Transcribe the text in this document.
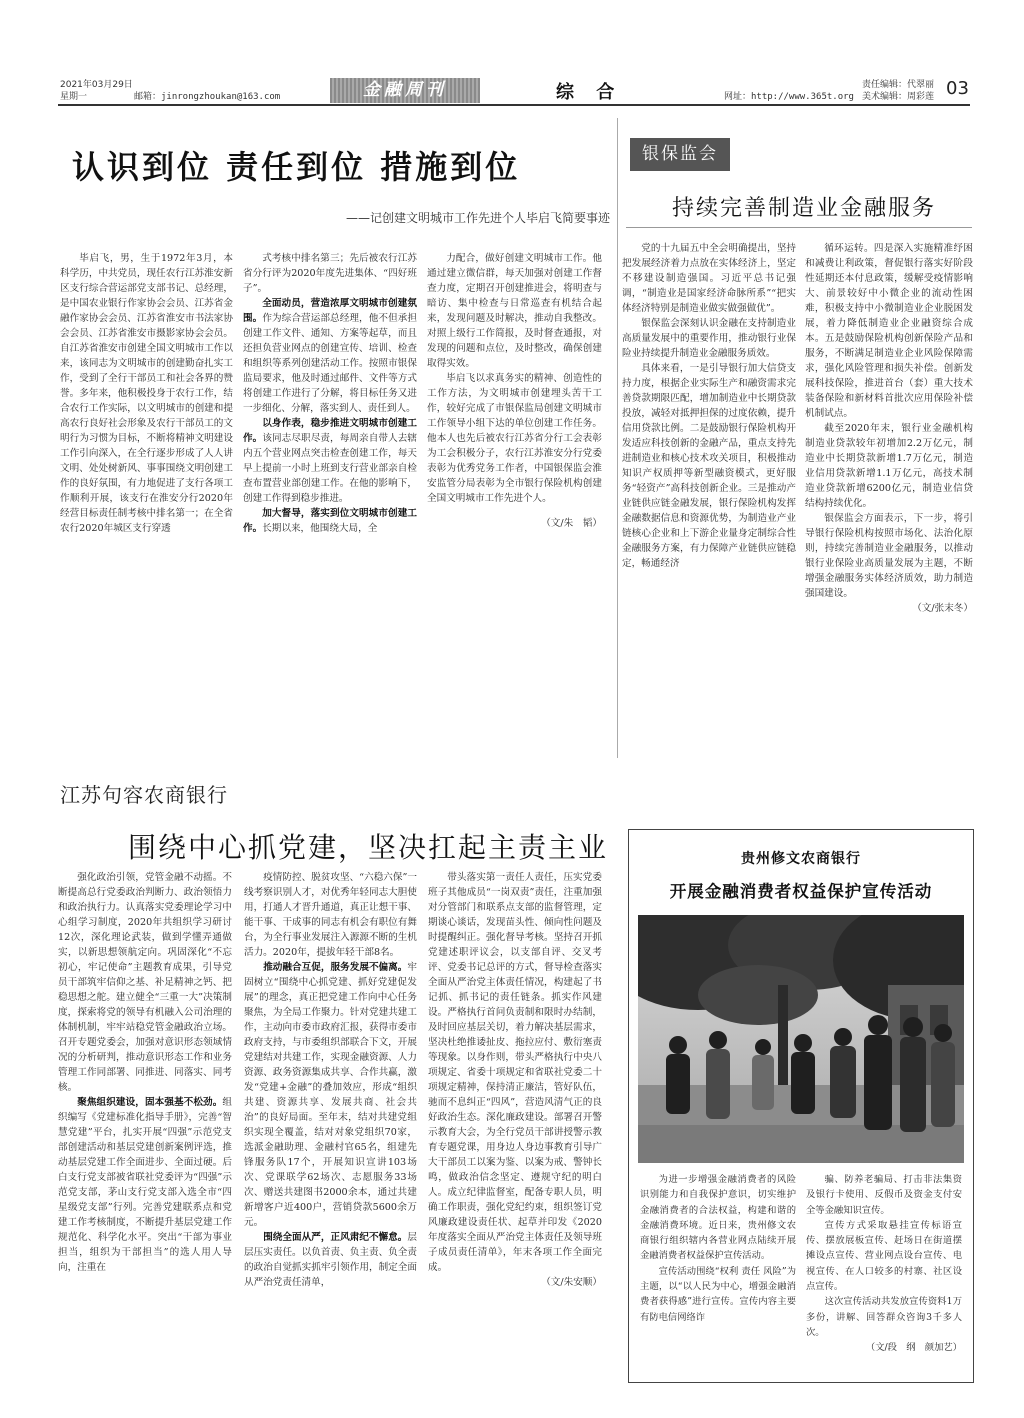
2021年03月29日
星期一	邮箱：jinrongzhoukan@163.com	金融周刊	综 合	网址：http://www.365t.org
责任编辑：代翠丽
美术编辑：周彩莲 03
认识到位 责任到位 措施到位
——记创建文明城市工作先进个人毕启飞简要事迹

毕启飞，男，生于1972年3月，本科学历，中共党员，现任农行江苏淮安新区支行综合营运部党支部书记、总经理，是中国农业银行作家协会会员、江苏省金融作家协会会员、江苏省淮安市书法家协会会员、江苏省淮安市摄影家协会会员。自江苏省淮安市创建全国文明城市工作以来，该同志为文明城市的创建勤奋扎实工作，受到了全行干部员工和社会各界的赞誉。多年来，他积极投身于农行工作，结合农行工作实际，以文明城市的创建和提高农行良好社会形象及农行干部员工的文明行为习惯为目标，不断将精神文明建设工作引向深入，在全行逐步形成了人人讲文明、处处树新风、事事围绕文明创建工作的良好氛围，有力地促进了支行各项工作顺利开展，该支行在淮安分行2020年经营目标责任制考核中排名第一；在全省农行2020年城区支行穿透

式考核中排名第三；先后被农行江苏省分行评为2020年度先进集体、“四好班子”。

全面动员，营造浓厚文明城市创建氛围。作为综合营运部总经理，他不但承担创建工作文件、通知、方案等起草，而且还担负营业网点的创建宣传、培训、检查和组织等系列创建活动工作。按照市银保监局要求，他及时通过邮件、文件等方式将创建工作进行了分解，将目标任务又进一步细化、分解，落实到人、责任到人。

以身作表，稳步推进文明城市创建工作。该同志尽职尽责，每周亲自带人去辖内五个营业网点突击检查创建工作，每天早上提前一小时上班到支行营业部亲自检查布置营业部创建工作。在他的影响下，创建工作得到稳步推进。

加大督导，落实到位文明城市创建工作。长期以来，他围绕大局，全

力配合，做好创建文明城市工作。他通过建立微信群，每天加强对创建工作督查力度，定期召开创建推进会，将明查与暗访、集中检查与日常巡查有机结合起来，发现问题及时解决，推动自我整改。对照上级行工作简报，及时督查通报，对发现的问题和点位，及时整改，确保创建取得实效。

毕启飞以求真务实的精神、创造性的工作方法，为文明城市创建埋头苦干工作，较好完成了市银保监局创建文明城市工作领导小组下达的单位创建工作任务。他本人也先后被农行江苏省分行工会表彰为工会积极分子，农行江苏淮安分行党委表彰为优秀党务工作者，中国银保监会淮安监管分局表彰为全市银行保险机构创建全国文明城市工作先进个人。

（文/朱　韬）

银保监会
持续完善制造业金融服务

党的十九届五中全会明确提出，坚持把发展经济着力点放在实体经济上，坚定不移建设制造强国。习近平总书记强调，“制造业是国家经济命脉所系”“把实体经济特别是制造业做实做强做优”。

银保监会深刻认识金融在支持制造业高质量发展中的重要作用，推动银行业保险业持续提升制造业金融服务质效。

具体来看，一是引导银行加大信贷支持力度，根据企业实际生产和融资需求完善贷款期限匹配，增加制造业中长期贷款投放，减轻对抵押担保的过度依赖，提升信用贷款比例。二是鼓励银行保险机构开发适应科技创新的金融产品，重点支持先进制造业和核心技术攻关项目，积极推动知识产权质押等新型融资模式，更好服务“轻资产”高科技创新企业。三是推动产业链供应链金融发展，银行保险机构发挥金融数据信息和资源优势，为制造业产业链核心企业和上下游企业量身定制综合性金融服务方案，有力保障产业链供应链稳定，畅通经济

循环运转。四是深入实施精准纾困和减费让利政策，督促银行落实好阶段性延期还本付息政策，缓解受疫情影响大、前景较好中小微企业的流动性困难，积极支持中小微制造业企业脱困发展，着力降低制造业企业融资综合成本。五是鼓励保险机构创新保险产品和服务，不断满足制造业企业风险保障需求，强化风险管理和损失补偿。创新发展科技保险，推进首台（套）重大技术装备保险和新材料首批次应用保险补偿机制试点。

截至2020年末，银行业金融机构制造业贷款较年初增加2.2万亿元，制造业中长期贷款新增1.7万亿元，制造业信用贷款新增1.1万亿元，高技术制造业贷款新增6200亿元，制造业信贷结构持续优化。

银保监会方面表示，下一步，将引导银行保险机构按照市场化、法治化原则，持续完善制造业金融服务，以推动银行业保险业高质量发展为主题，不断增强金融服务实体经济质效，助力制造强国建设。

（文/张末冬）

江苏句容农商银行
围绕中心抓党建，坚决扛起主责主业

强化政治引领，党管金融不动摇。不断提高总行党委政治判断力、政治领悟力和政治执行力。认真落实党委理论学习中心组学习制度，2020年共组织学习研讨12次，深化理论武装，做到学懂弄通做实，以新思想领航定向。巩固深化“不忘初心，牢记使命”主题教育成果，引导党员干部筑牢信仰之基、补足精神之钙、把稳思想之舵。建立健全“三重一大”决策制度，探索将党的领导有机融入公司治理的体制机制，牢牢站稳党管金融政治立场。召开专题党委会，加强对意识形态领域情况的分析研判，推动意识形态工作和业务管理工作同部署、同推进、同落实、同考核。

聚焦组织建设，固本强基不松劲。组织编写《党建标准化指导手册》，完善“智慧党建”平台，扎实开展“四强”示范党支部创建活动和基层党建创新案例评选，推动基层党建工作全面进步、全面过硬。后白支行党支部被省联社党委评为“四强”示范党支部，茅山支行党支部入选全市“四星级党支部”行列。完善党建联系点和党建工作考核制度，不断提升基层党建工作规范化、科学化水平。突出“干部为事业担当，组织为干部担当”的选人用人导向，注重在

疫情防控、脱贫攻坚、“六稳六保”一线考察识别人才，对优秀年轻同志大胆使用，打通人才晋升通道，真正让想干事、能干事、干成事的同志有机会有职位有舞台，为全行事业发展注入源源不断的生机活力。2020年，提拔年轻干部8名。

推动融合互促，服务发展不偏离。牢固树立“围绕中心抓党建、抓好党建促发展”的理念，真正把党建工作向中心任务聚焦，为全局工作聚力。针对党建共建工作，主动向市委市政府汇报，获得市委市政府支持，与市委组织部联合下文，开展党建结对共建工作，实现金融资源、人力资源、政务资源集成共享、合作共赢，激发“党建+金融”的叠加效应，形成“组织共建、资源共享、发展共商、社会共治”的良好局面。至年末，结对共建党组织实现全覆盖，结对对象党组织70家，选派金融助理、金融村官65名，组建先锋服务队17个，开展知识宣讲103场次、党课联学62场次、志愿服务33场次、赠送共建图书2000余本，通过共建新增客户近400户，营销贷款5600余万元。

围绕全面从严，正风肃纪不懈怠。层层压实责任。以负首责、负主责、负全责的政治自觉抓实抓牢引领作用，制定全面从严治党责任清单，

带头落实第一责任人责任，压实党委班子其他成员“一岗双责”责任，注重加强对分管部门和联系点支部的监督管理，定期谈心谈话，发现苗头性、倾向性问题及时提醒纠正。强化督导考核。坚持召开抓党建述职评议会，以支部自评、交叉考评、党委书记总评的方式，督导检查落实全面从严治党主体责任情况，构建起了书记抓、抓书记的责任链条。抓实作风建设。严格执行首问负责制和限时办结制，及时回应基层关切，着力解决基层需求，坚决杜绝推诿扯皮、拖拉应付、敷衍塞责等现象。以身作则，带头严格执行中央八项规定、省委十项规定和省联社党委二十项规定精神，保持清正廉洁，管好队伍，驰而不息纠正“四风”，营造风清气正的良好政治生态。深化廉政建设。部署召开警示教育大会，为全行党员干部讲授警示教育专题党课，用身边人身边事教育引导广大干部员工以案为鉴、以案为戒、警钟长鸣，做政治信念坚定、遵规守纪的明白人。成立纪律监督室，配备专职人员，明确工作职责，强化党纪约束，组织签订党风廉政建设责任状、起草并印发《2020年度落实全面从严治党主体责任及领导班子成员责任清单》，年末各项工作全面完成。

（文/朱安顺）

贵州修文农商银行
开展金融消费者权益保护宣传活动

为进一步增强金融消费者的风险识别能力和自我保护意识，切实维护金融消费者的合法权益，构建和谐的金融消费环境。近日来，贵州修文农商银行组织辖内各营业网点陆续开展金融消费者权益保护宣传活动。

宣传活动围绕“权利 责任 风险”为主题，以“以人民为中心，增强金融消费者获得感”进行宣传。宣传内容主要有防电信网络诈

骗、防养老骗局、打击非法集资及银行卡使用、反假币及资金支付安全等金融知识宣传。

宣传方式采取悬挂宣传标语宣传、摆放展板宣传、赶场日在街道摆摊设点宣传、营业网点设台宣传、电视宣传、在人口较多的村寨、社区设点宣传。

这次宣传活动共发放宣传资料1万多份，讲解、回答群众咨询3千多人次。

（文/段　纲　颜加艺）
